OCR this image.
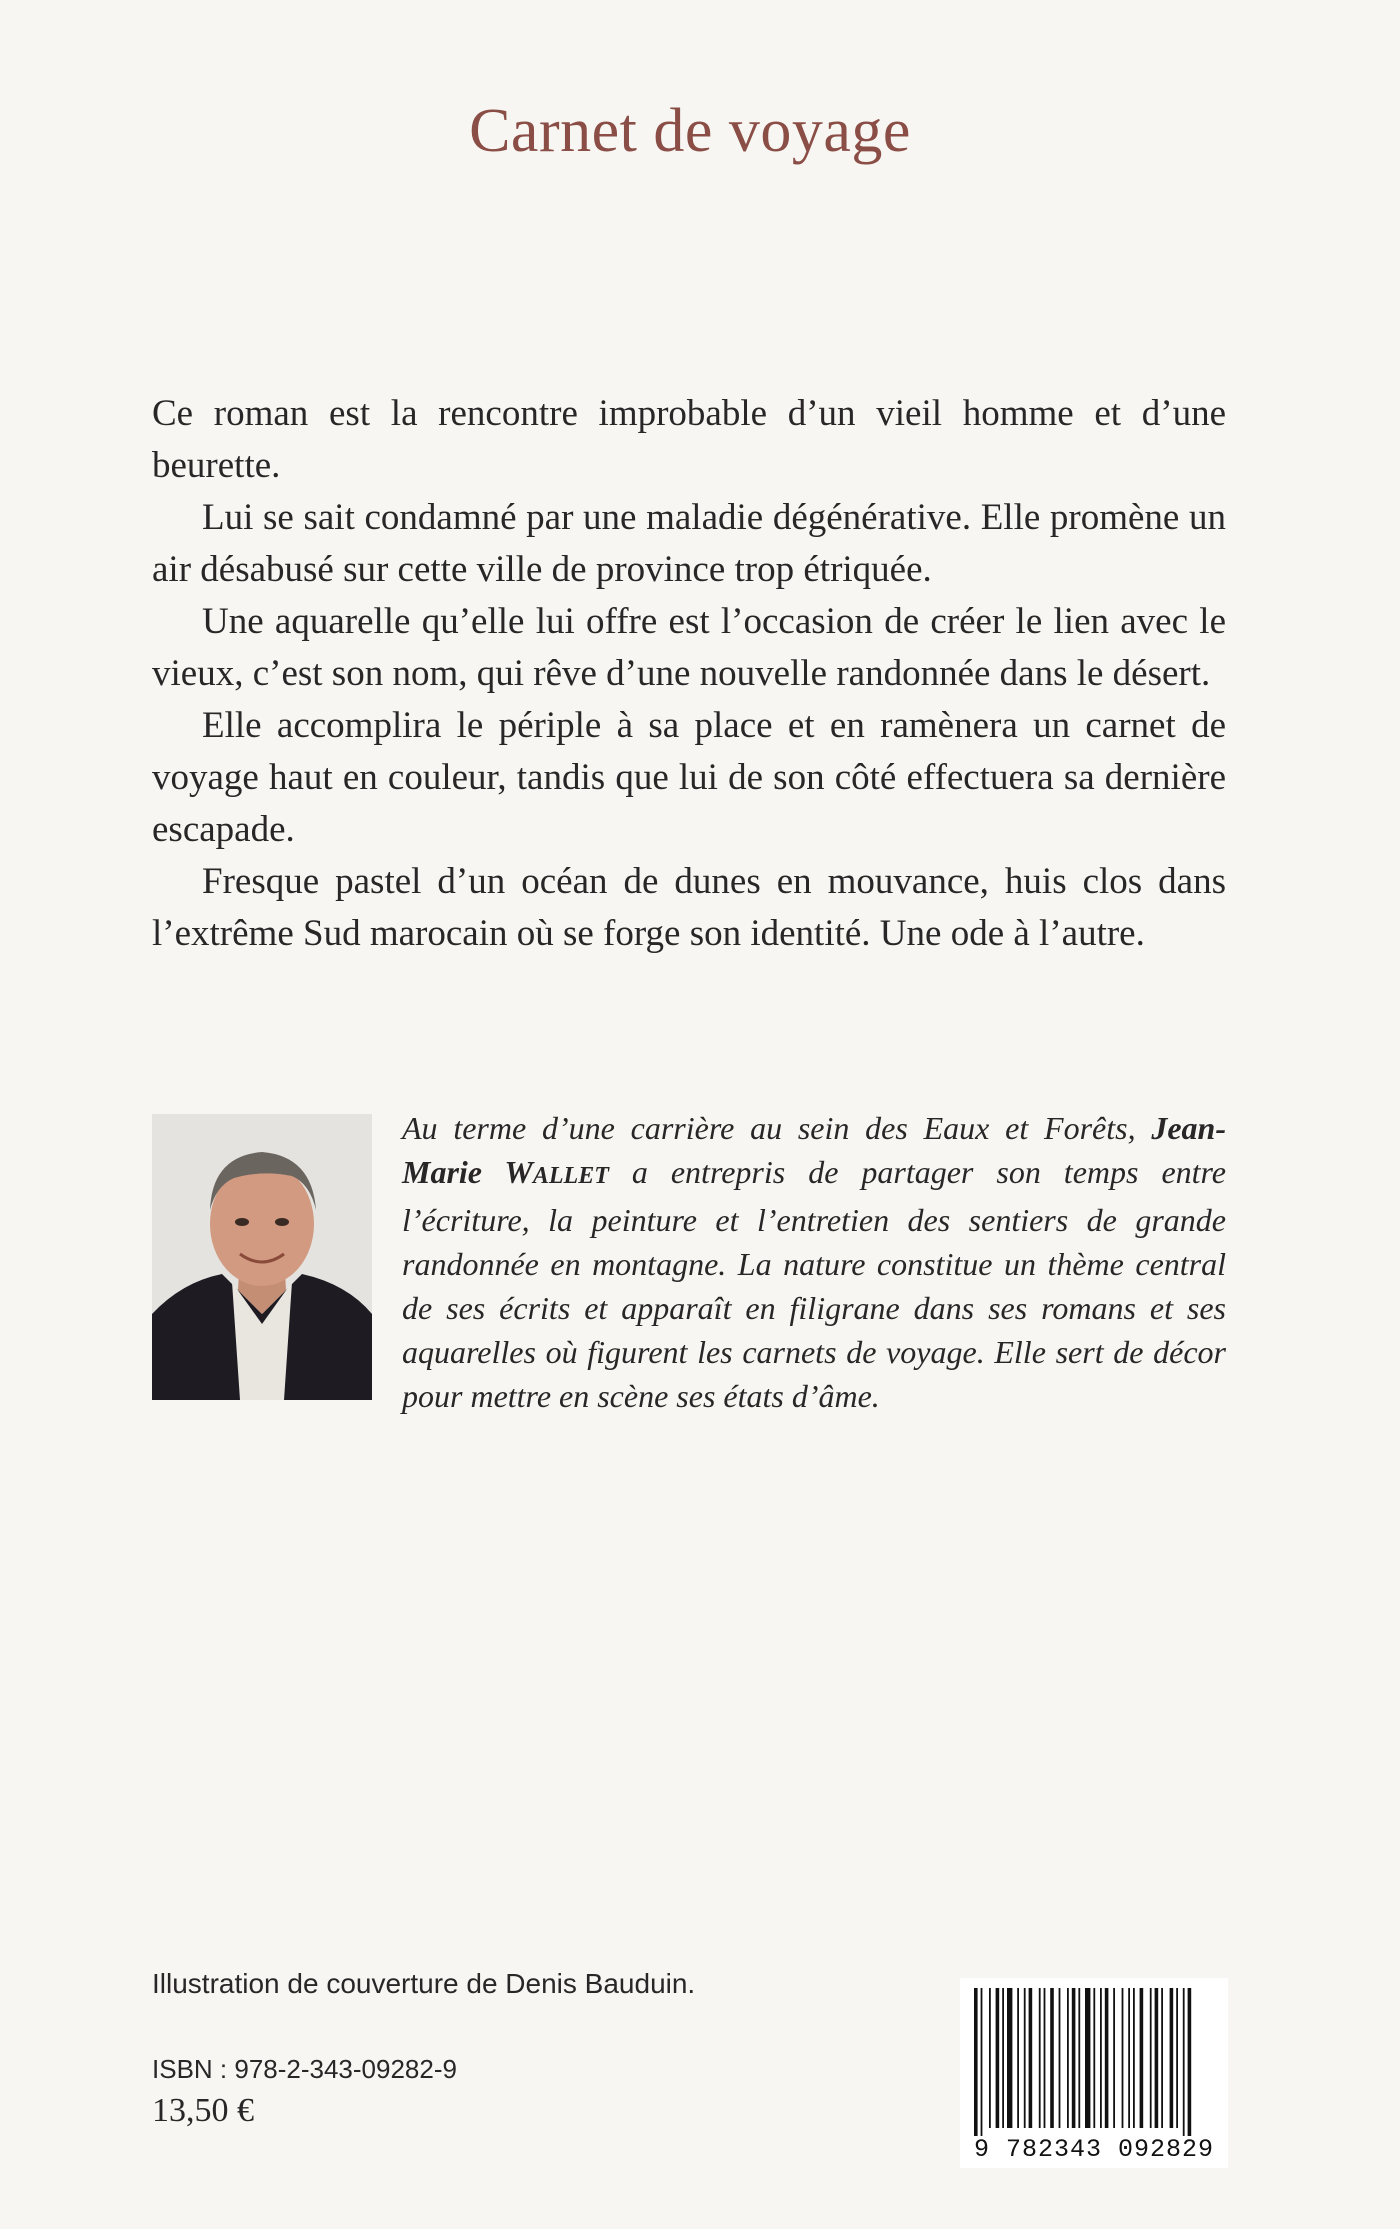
Carnet de voyage

Ce roman est la rencontre improbable d’un vieil homme et d’une beurette.

Lui se sait condamné par une maladie dégénérative. Elle promène un air désabusé sur cette ville de province trop étriquée.

Une aquarelle qu’elle lui offre est l’occasion de créer le lien avec le vieux, c’est son nom, qui rêve d’une nouvelle randonnée dans le désert.

Elle accomplira le périple à sa place et en ramènera un carnet de voyage haut en couleur, tandis que lui de son côté effectuera sa dernière escapade.

Fresque pastel d’un océan de dunes en mouvance, huis clos dans l’extrême Sud marocain où se forge son identité. Une ode à l’autre.

Au terme d’une carrière au sein des Eaux et Forêts, Jean-Marie WALLET a entrepris de partager son temps entre l’écriture, la peinture et l’entretien des sentiers de grande randonnée en montagne. La nature constitue un thème central de ses écrits et apparaît en filigrane dans ses romans et ses aquarelles où figurent les carnets de voyage. Elle sert de décor pour mettre en scène ses états d’âme.

Illustration de couverture de Denis Bauduin.
ISBN : 978-2-343-09282-9
13,50 €
9 782343 092829
